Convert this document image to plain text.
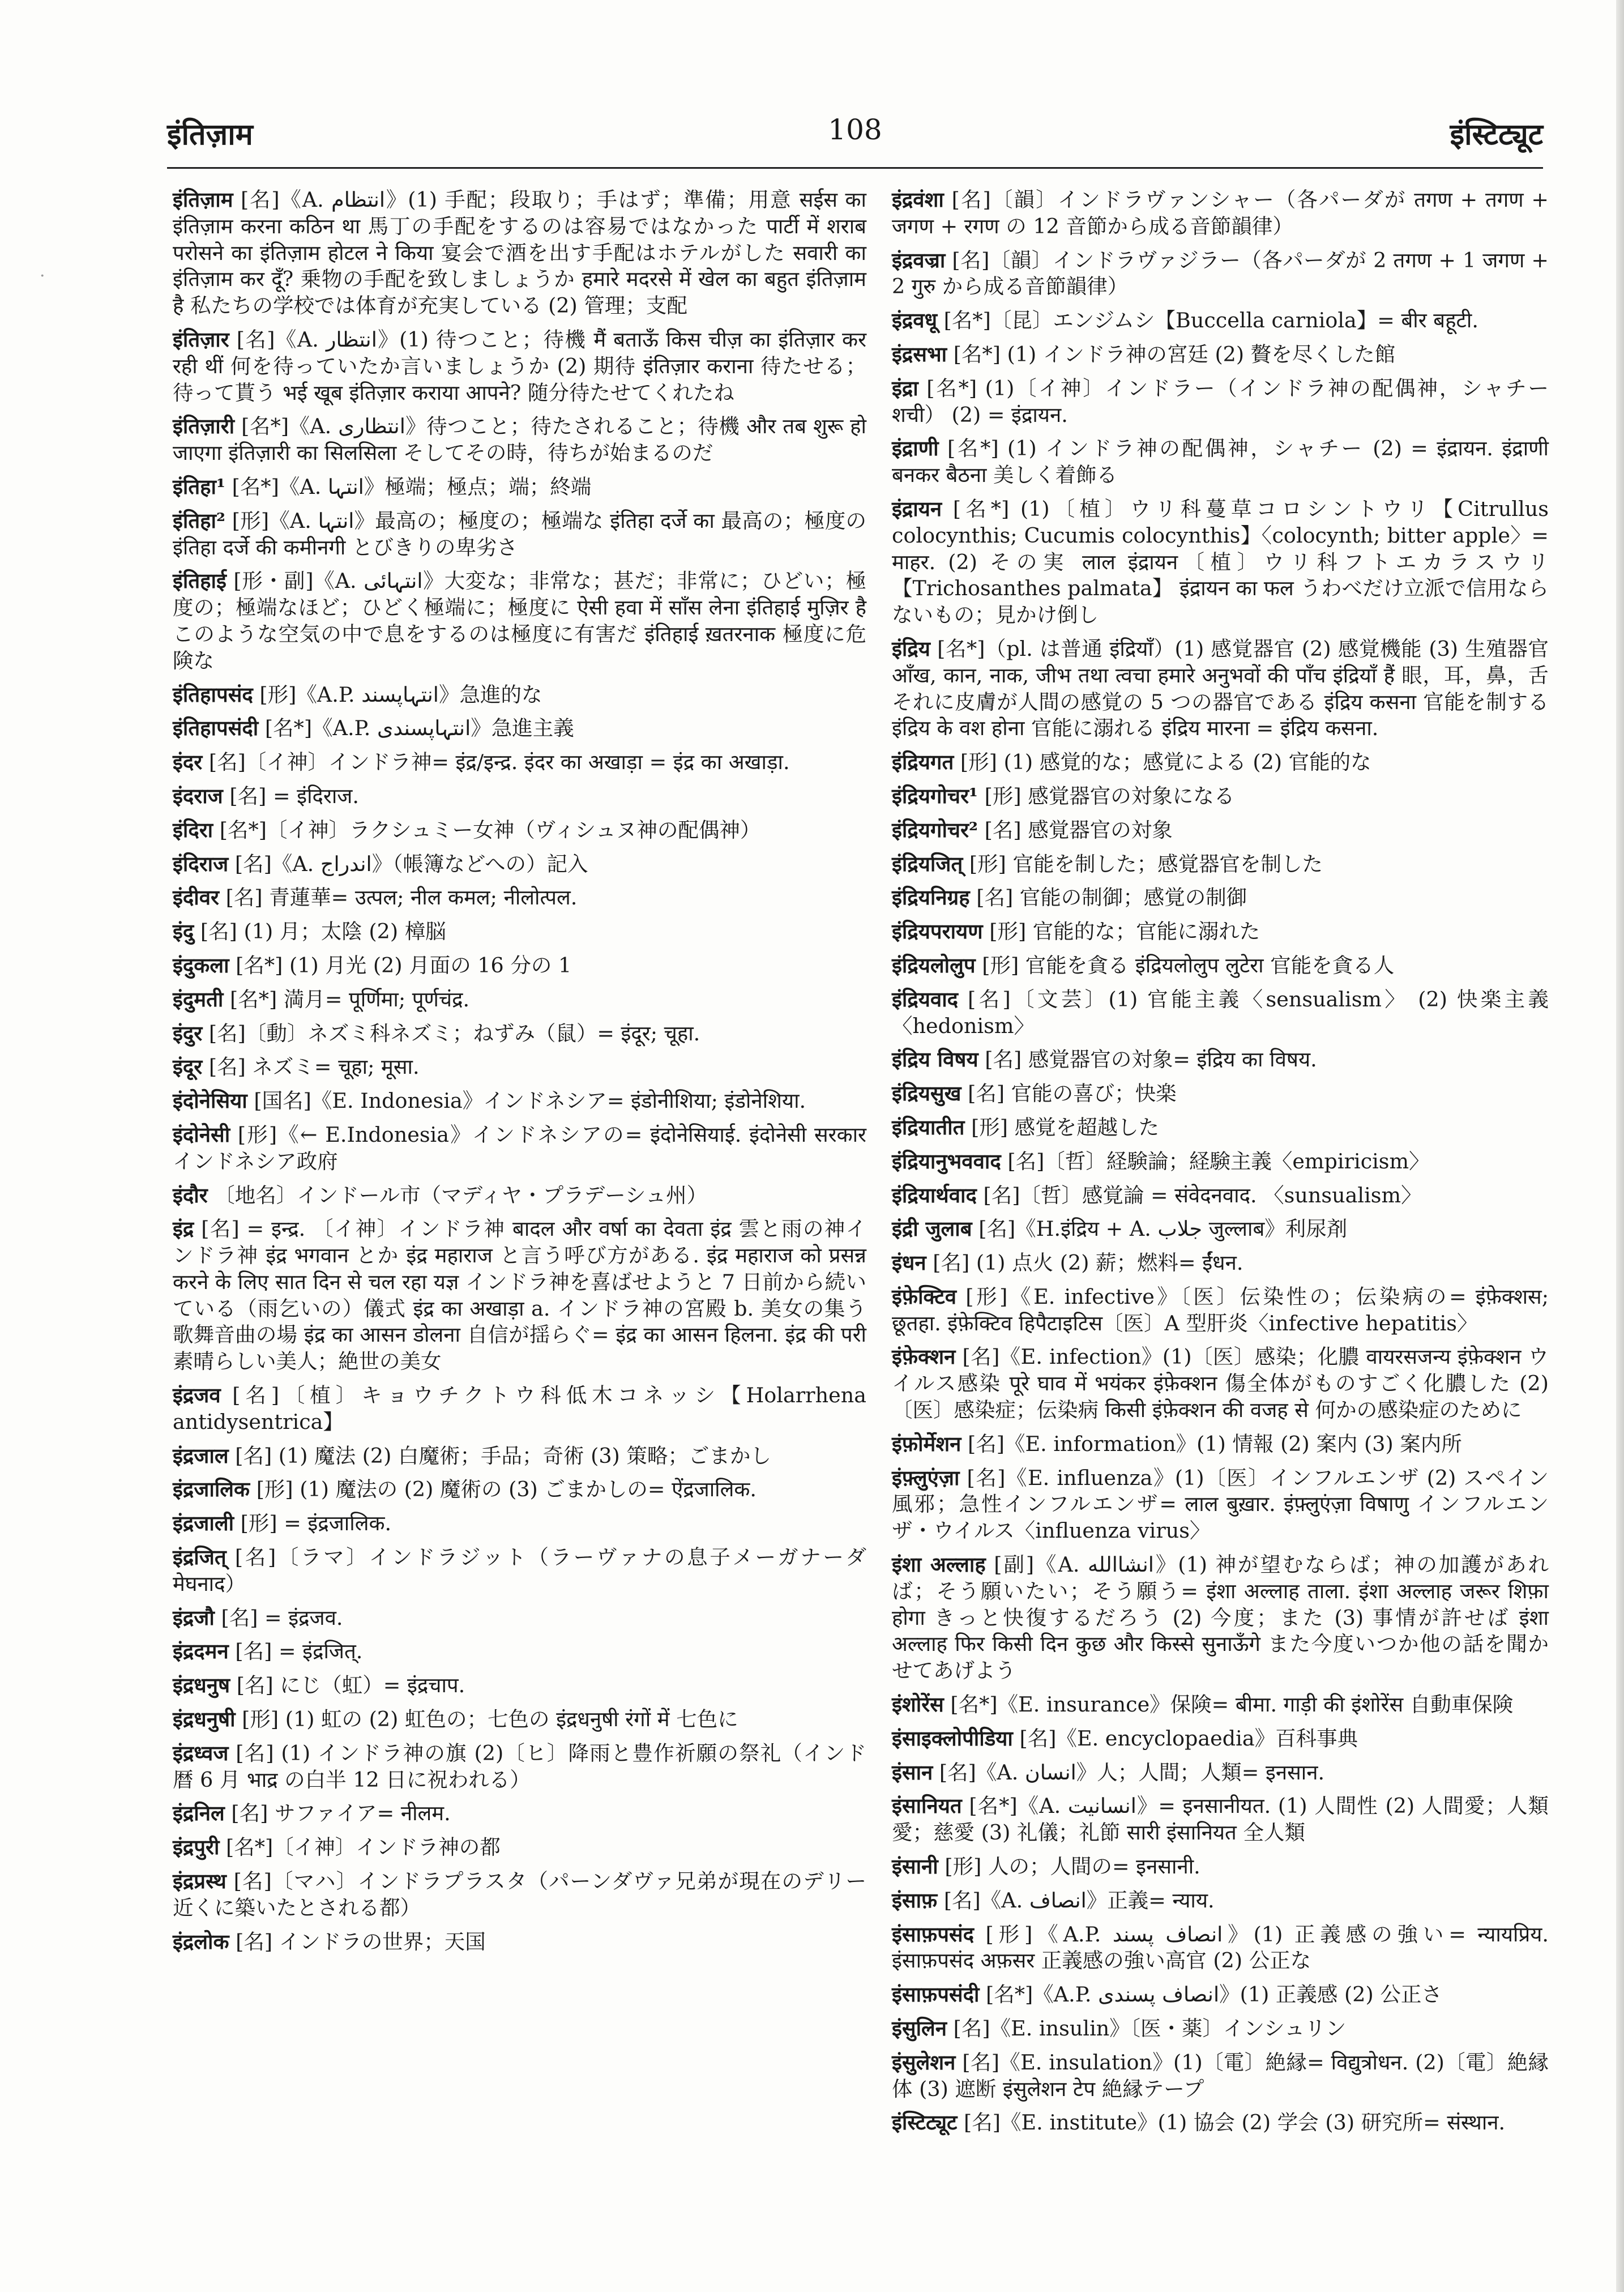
इंतिज़ाम	108	इंस्टिट्यूट
·

इंतिज़ाम [名]《A. انتظام》(1) 手配；段取り；手はず；準備；用意 सईस का इंतिज़ाम करना कठिन था 馬丁の手配をするのは容易ではなかった पार्टी में शराब परोसने का इंतिज़ाम होटल ने किया 宴会で酒を出す手配はホテルがした सवारी का इंतिज़ाम कर दूँ? 乗物の手配を致しましょうか हमारे मदरसे में खेल का बहुत इंतिज़ाम है 私たちの学校では体育が充実している (2) 管理；支配

इंतिज़ार [名]《A. انتظار》(1) 待つこと；待機 मैं बताऊँ किस चीज़ का इंतिज़ार कर रही थीं 何を待っていたか言いましょうか (2) 期待 इंतिज़ार कराना 待たせる；待って貰う भई खूब इंतिज़ार कराया आपने? 随分待たせてくれたね

इंतिज़ारी [名*]《A. انتظاری》待つこと；待たされること；待機 और तब शुरू हो जाएगा इंतिज़ारी का सिलसिला そしてその時，待ちが始まるのだ

इंतिहा¹ [名*]《A. انتہا》極端；極点；端；終端

इंतिहा² [形]《A. انتہا》最高の；極度の；極端な इंतिहा दर्जे का 最高の；極度の इंतिहा दर्जे की कमीनगी とびきりの卑劣さ

इंतिहाई [形・副]《A. انتہائی》大変な；非常な；甚だ；非常に；ひどい；極度の；極端なほど；ひどく極端に；極度に ऐसी हवा में साँस लेना इंतिहाई मुज़िर है このような空気の中で息をするのは極度に有害だ इंतिहाई ख़तरनाक 極度に危険な

इंतिहापसंद [形]《A.P. انتہاپسند》急進的な

इंतिहापसंदी [名*]《A.P. انتہاپسندی》急進主義

इंदर [名]〔イ神〕インドラ神= इंद्र/इन्द्र. इंदर का अखाड़ा = इंद्र का अखाड़ा.

इंदराज [名] = इंदिराज.

इंदिरा [名*]〔イ神〕ラクシュミー女神（ヴィシュヌ神の配偶神）

इंदिराज [名]《A. اندراج》（帳簿などへの）記入

इंदीवर [名] 青蓮華= उत्पल; नील कमल; नीलोत्पल.

इंदु [名] (1) 月；太陰 (2) 樟脳

इंदुकला [名*] (1) 月光 (2) 月面の 16 分の 1

इंदुमती [名*] 満月= पूर्णिमा; पूर्णचंद्र.

इंदुर [名]〔動〕ネズミ科ネズミ；ねずみ（鼠）= इंदूर; चूहा.

इंदूर [名] ネズミ= चूहा; मूसा.

इंदोनेसिया [国名]《E. Indonesia》インドネシア= इंडोनीशिया; इंडोनेशिया.

इंदोनेसी [形]《← E.Indonesia》インドネシアの= इंदोनेसियाई. इंदोनेसी सरकार インドネシア政府

इंदौर 〔地名〕インドール市（マディヤ・プラデーシュ州）

इंद्र [名] = इन्द्र. 〔イ神〕インドラ神 बादल और वर्षा का देवता इंद्र 雲と雨の神インドラ神 इंद्र भगवान とか इंद्र महाराज と言う呼び方がある. इंद्र महाराज को प्रसन्न करने के लिए सात दिन से चल रहा यज्ञ インドラ神を喜ばせようと 7 日前から続いている（雨乞いの）儀式 इंद्र का अखाड़ा a. インドラ神の宮殿 b. 美女の集う歌舞音曲の場 इंद्र का आसन डोलना 自信が揺らぐ= इंद्र का आसन हिलना. इंद्र की परी 素晴らしい美人；絶世の美女

इंद्रजव [名]〔植〕キョウチクトウ科低木コネッシ【Holarrhena antidysentrica】

इंद्रजाल [名] (1) 魔法 (2) 白魔術；手品；奇術 (3) 策略；ごまかし

इंद्रजालिक [形] (1) 魔法の (2) 魔術の (3) ごまかしの= ऐंद्रजालिक.

इंद्रजाली [形] = इंद्रजालिक.

इंद्रजित् [名]〔ラマ〕インドラジット（ラーヴァナの息子メーガナーダ मेघनाद）

इंद्रजौ [名] = इंद्रजव.

इंद्रदमन [名] = इंद्रजित्.

इंद्रधनुष [名] にじ（虹）= इंद्रचाप.

इंद्रधनुषी [形] (1) 虹の (2) 虹色の；七色の इंद्रधनुषी रंगों में 七色に

इंद्रध्वज [名] (1) インドラ神の旗 (2)〔ヒ〕降雨と豊作祈願の祭礼（インド暦 6 月 भाद्र の白半 12 日に祝われる）

इंद्रनिल [名] サファイア= नीलम.

इंद्रपुरी [名*]〔イ神〕インドラ神の都

इंद्रप्रस्थ [名]〔マハ〕インドラプラスタ（パーンダヴァ兄弟が現在のデリー近くに築いたとされる都）

इंद्रलोक [名] インドラの世界；天国

इंद्रवंशा [名]〔韻〕インドラヴァンシャー（各パーダが तगण + तगण + जगण + रगण の 12 音節から成る音節韻律）

इंद्रवज्रा [名]〔韻〕インドラヴァジラー（各パーダが 2 तगण + 1 जगण + 2 गुरु から成る音節韻律）

इंद्रवधू [名*]〔昆〕エンジムシ【Buccella carniola】= बीर बहूटी.

इंद्रसभा [名*] (1) インドラ神の宮廷 (2) 贅を尽くした館

इंद्रा [名*] (1)〔イ神〕インドラー（インドラ神の配偶神，シャチー शची） (2) = इंद्रायन.

इंद्राणी [名*] (1) インドラ神の配偶神，シャチー (2) = इंद्रायन. इंद्राणी बनकर बैठना 美しく着飾る

इंद्रायन [名*] (1)〔植〕ウリ科蔓草コロシントウリ【Citrullus colocynthis; Cucumis colocynthis】〈colocynth; bitter apple〉= माहर. (2) その実 लाल इंद्रायन〔植〕ウリ科フトエカラスウリ【Trichosanthes palmata】 इंद्रायन का फल うわべだけ立派で信用ならないもの；見かけ倒し

इंद्रिय [名*]（pl. は普通 इंद्रियाँ）(1) 感覚器官 (2) 感覚機能 (3) 生殖器官 आँख, कान, नाक, जीभ तथा त्वचा हमारे अनुभवों की पाँच इंद्रियाँ हैं 眼，耳，鼻，舌それに皮膚が人間の感覚の 5 つの器官である इंद्रिय कसना 官能を制する इंद्रिय के वश होना 官能に溺れる इंद्रिय मारना = इंद्रिय कसना.

इंद्रियगत [形] (1) 感覚的な；感覚による (2) 官能的な

इंद्रियगोचर¹ [形] 感覚器官の対象になる

इंद्रियगोचर² [名] 感覚器官の対象

इंद्रियजित् [形] 官能を制した；感覚器官を制した

इंद्रियनिग्रह [名] 官能の制御；感覚の制御

इंद्रियपरायण [形] 官能的な；官能に溺れた

इंद्रियलोलुप [形] 官能を貪る इंद्रियलोलुप लुटेरा 官能を貪る人

इंद्रियवाद [名]〔文芸〕(1) 官能主義〈sensualism〉 (2) 快楽主義〈hedonism〉

इंद्रिय विषय [名] 感覚器官の対象= इंद्रिय का विषय.

इंद्रियसुख [名] 官能の喜び；快楽

इंद्रियातीत [形] 感覚を超越した

इंद्रियानुभववाद [名]〔哲〕経験論；経験主義〈empiricism〉

इंद्रियार्थवाद [名]〔哲〕感覚論 = संवेदनवाद. 〈sunsualism〉

इंद्री जुलाब [名]《H.इंद्रिय + A. جلاب जुल्लाब》利尿剤

इंधन [名] (1) 点火 (2) 薪；燃料= ईंधन.

इंफ़ेक्टिव [形]《E. infective》〔医〕伝染性の；伝染病の= इंफ़ेक्शस; छूतहा. इंफ़ेक्टिव हिपैटाइटिस〔医〕A 型肝炎〈infective hepatitis〉

इंफ़ेक्शन [名]《E. infection》(1)〔医〕感染；化膿 वायरसजन्य इंफ़ेक्शन ウイルス感染 पूरे घाव में भयंकर इंफ़ेक्शन 傷全体がものすごく化膿した (2)〔医〕感染症；伝染病 किसी इंफ़ेक्शन की वजह से 何かの感染症のために

इंफ़ोर्मेशन [名]《E. information》(1) 情報 (2) 案内 (3) 案内所

इंफ़्लुएंज़ा [名]《E. influenza》(1)〔医〕インフルエンザ (2) スペイン風邪；急性インフルエンザ= लाल बुख़ार. इंफ़्लुएंज़ा विषाणु インフルエンザ・ウイルス〈influenza virus〉

इंशा अल्लाह [副]《A. انشاالله》(1) 神が望むならば；神の加護があれば；そう願いたい；そう願う= इंशा अल्लाह ताला. इंशा अल्लाह जरूर शिफ़ा होगा きっと快復するだろう (2) 今度；また (3) 事情が許せば इंशा अल्लाह फिर किसी दिन कुछ और किस्से सुनाऊँगे また今度いつか他の話を聞かせてあげよう

इंशोरेंस [名*]《E. insurance》保険= बीमा. गाड़ी की इंशोरेंस 自動車保険

इंसाइक्लोपीडिया [名]《E. encyclopaedia》百科事典

इंसान [名]《A. انسان》人；人間；人類= इनसान.

इंसानियत [名*]《A. انسانیت》= इनसानीयत. (1) 人間性 (2) 人間愛；人類愛；慈愛 (3) 礼儀；礼節 सारी इंसानियत 全人類

इंसानी [形] 人の；人間の= इनसानी.

इंसाफ़ [名]《A. انصاف》正義= न्याय.

इंसाफ़पसंद [形]《A.P. انصاف پسند》(1) 正義感の強い= न्यायप्रिय. इंसाफ़पसंद अफ़सर 正義感の強い高官 (2) 公正な

इंसाफ़पसंदी [名*]《A.P. انصاف پسندی》(1) 正義感 (2) 公正さ

इंसुलिन [名]《E. insulin》〔医・薬〕インシュリン

इंसुलेशन [名]《E. insulation》(1)〔電〕絶縁= विद्युत्रोधन. (2)〔電〕絶縁体 (3) 遮断 इंसुलेशन टेप 絶縁テープ

इंस्टिट्यूट [名]《E. institute》(1) 協会 (2) 学会 (3) 研究所= संस्थान.
